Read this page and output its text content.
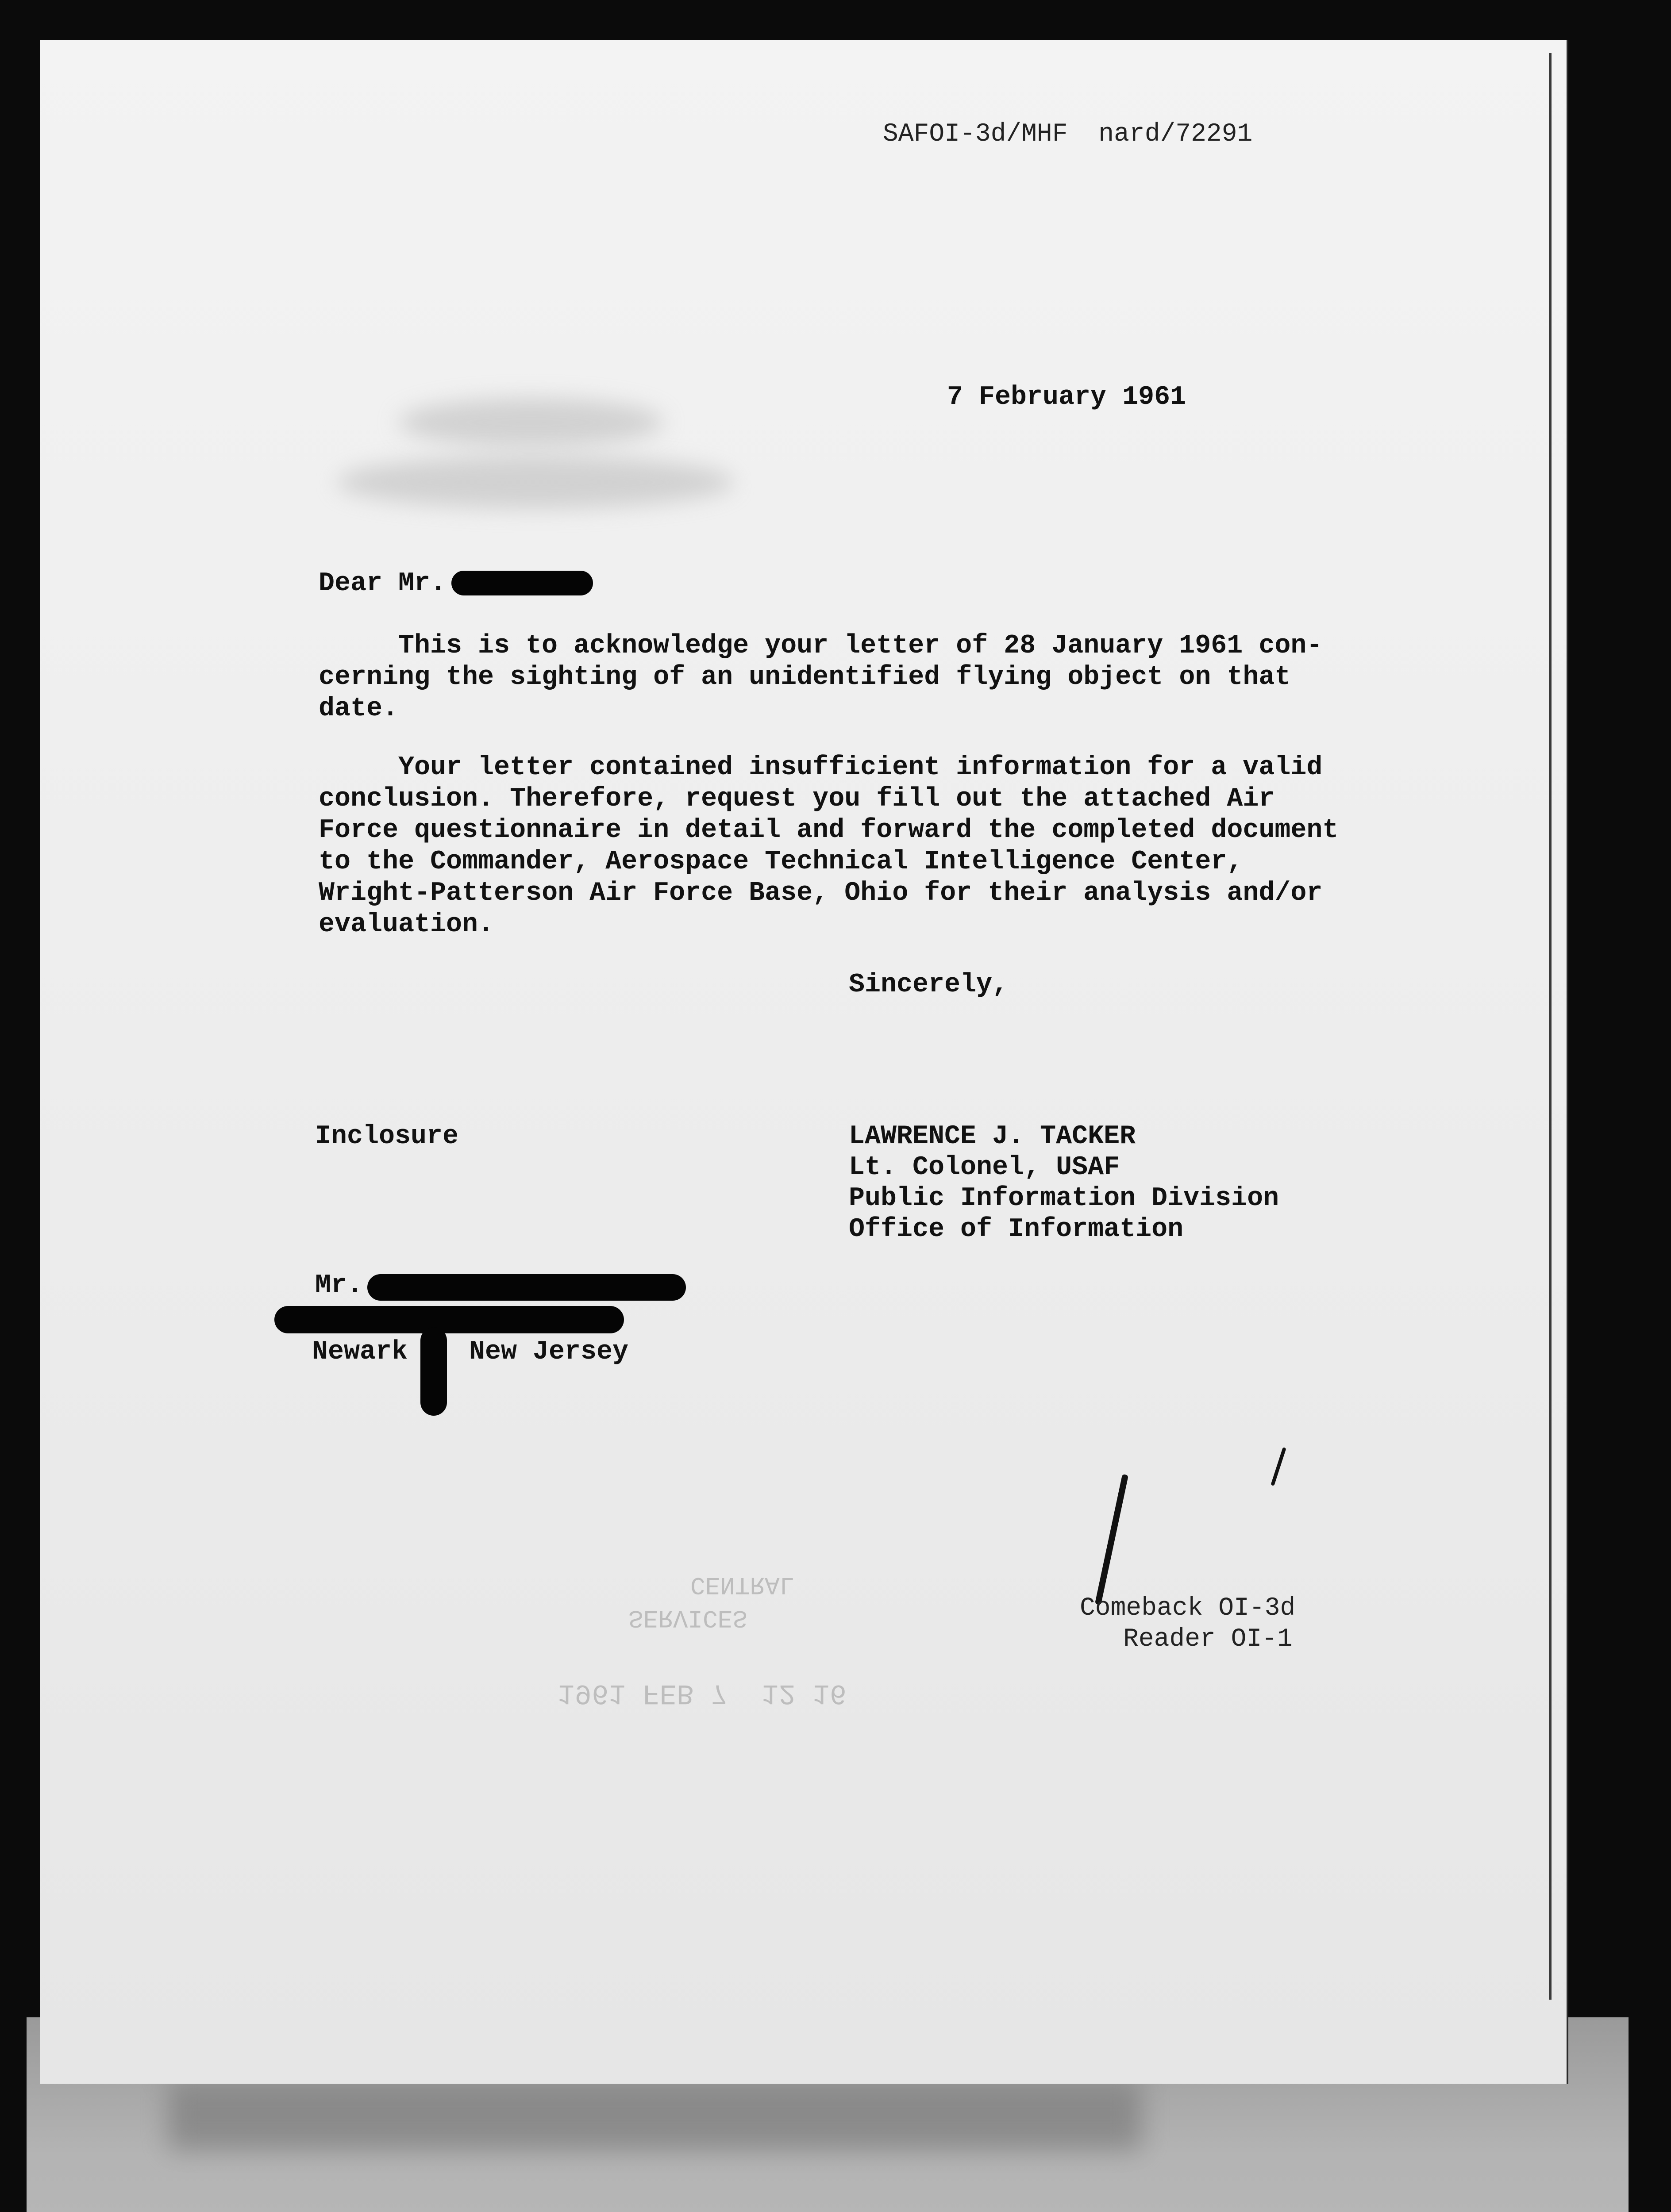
SAFOI-3d/MHF  nard/72291
7 February 1961
Dear Mr.

This is to acknowledge your letter of 28 January 1961 con-
cerning the sighting of an unidentified flying object on that
date.

Your letter contained insufficient information for a valid
conclusion. Therefore, request you fill out the attached Air
Force questionnaire in detail and forward the completed document
to the Commander, Aerospace Technical Intelligence Center,
Wright-Patterson Air Force Base, Ohio for their analysis and/or
evaluation.

Sincerely,
Inclosure	LAWRENCE J. TACKER
Lt. Colonel, USAF
Public Information Division
Office of Information
Mr.
Newark New Jersey
Comeback OI-3d
Reader OI-1
CENTRAL
SERVICES
1961 FEB 7  12 16
